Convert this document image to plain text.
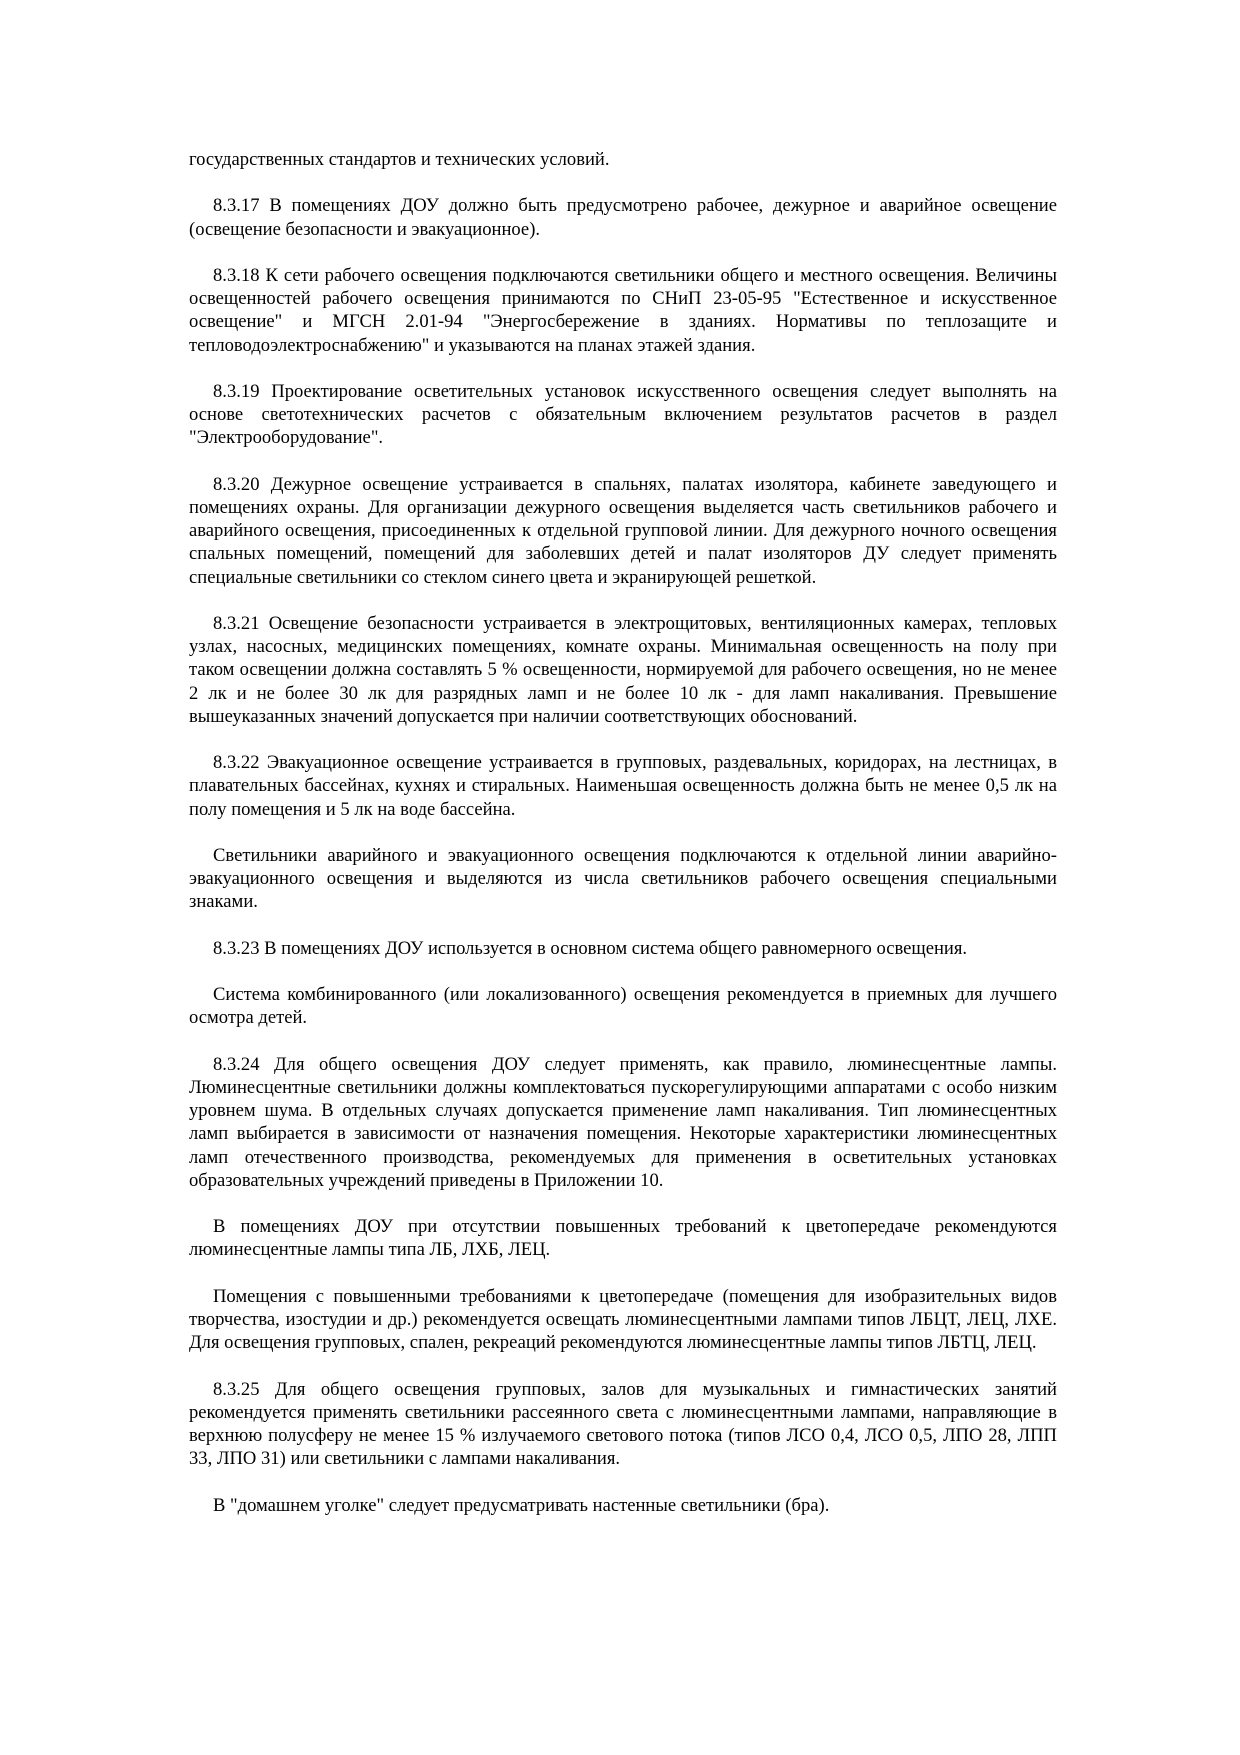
государственных стандартов и технических условий.

8.3.17 В помещениях ДОУ должно быть предусмотрено рабочее, дежурное и аварийное освещение (освещение безопасности и эвакуационное).

8.3.18 К сети рабочего освещения подключаются светильники общего и местного освещения. Величины освещенностей рабочего освещения принимаются по СНиП 23-05-95 "Естественное и искусственное освещение" и МГСН 2.01-94 "Энергосбережение в зданиях. Нормативы по теплозащите и тепловодоэлектроснабжению" и указываются на планах этажей здания.

8.3.19 Проектирование осветительных установок искусственного освещения следует выполнять на основе светотехнических расчетов с обязательным включением результатов расчетов в раздел "Электрооборудование".

8.3.20 Дежурное освещение устраивается в спальнях, палатах изолятора, кабинете заведующего и помещениях охраны. Для организации дежурного освещения выделяется часть светильников рабочего и аварийного освещения, присоединенных к отдельной групповой линии. Для дежурного ночного освещения спальных помещений, помещений для заболевших детей и палат изоляторов ДУ следует применять специальные светильники со стеклом синего цвета и экранирующей решеткой.

8.3.21 Освещение безопасности устраивается в электрощитовых, вентиляционных камерах, тепловых узлах, насосных, медицинских помещениях, комнате охраны. Минимальная освещенность на полу при таком освещении должна составлять 5 % освещенности, нормируемой для рабочего освещения, но не менее 2 лк и не более 30 лк для разрядных ламп и не более 10 лк - для ламп накаливания. Превышение вышеуказанных значений допускается при наличии соответствующих обоснований.

8.3.22 Эвакуационное освещение устраивается в групповых, раздевальных, коридорах, на лестницах, в плавательных бассейнах, кухнях и стиральных. Наименьшая освещенность должна быть не менее 0,5 лк на полу помещения и 5 лк на воде бассейна.

Светильники аварийного и эвакуационного освещения подключаются к отдельной линии аварийно-эвакуационного освещения и выделяются из числа светильников рабочего освещения специальными знаками.

8.3.23 В помещениях ДОУ используется в основном система общего равномерного освещения.

Система комбинированного (или локализованного) освещения рекомендуется в приемных для лучшего осмотра детей.

8.3.24 Для общего освещения ДОУ следует применять, как правило, люминесцентные лампы. Люминесцентные светильники должны комплектоваться пускорегулирующими аппаратами с особо низким уровнем шума. В отдельных случаях допускается применение ламп накаливания. Тип люминесцентных ламп выбирается в зависимости от назначения помещения. Некоторые характеристики люминесцентных ламп отечественного производства, рекомендуемых для применения в осветительных установках образовательных учреждений приведены в Приложении 10.

В помещениях ДОУ при отсутствии повышенных требований к цветопередаче рекомендуются люминесцентные лампы типа ЛБ, ЛХБ, ЛЕЦ.

Помещения с повышенными требованиями к цветопередаче (помещения для изобразительных видов творчества, изостудии и др.) рекомендуется освещать люминесцентными лампами типов ЛБЦТ, ЛЕЦ, ЛХЕ. Для освещения групповых, спален, рекреаций рекомендуются люминесцентные лампы типов ЛБТЦ, ЛЕЦ.

8.3.25 Для общего освещения групповых, залов для музыкальных и гимнастических занятий рекомендуется применять светильники рассеянного света с люминесцентными лампами, направляющие в верхнюю полусферу не менее 15 % излучаемого светового потока (типов ЛСО 0,4, ЛСО 0,5, ЛПО 28, ЛПП 33, ЛПО 31) или светильники с лампами накаливания.

В "домашнем уголке" следует предусматривать настенные светильники (бра).
